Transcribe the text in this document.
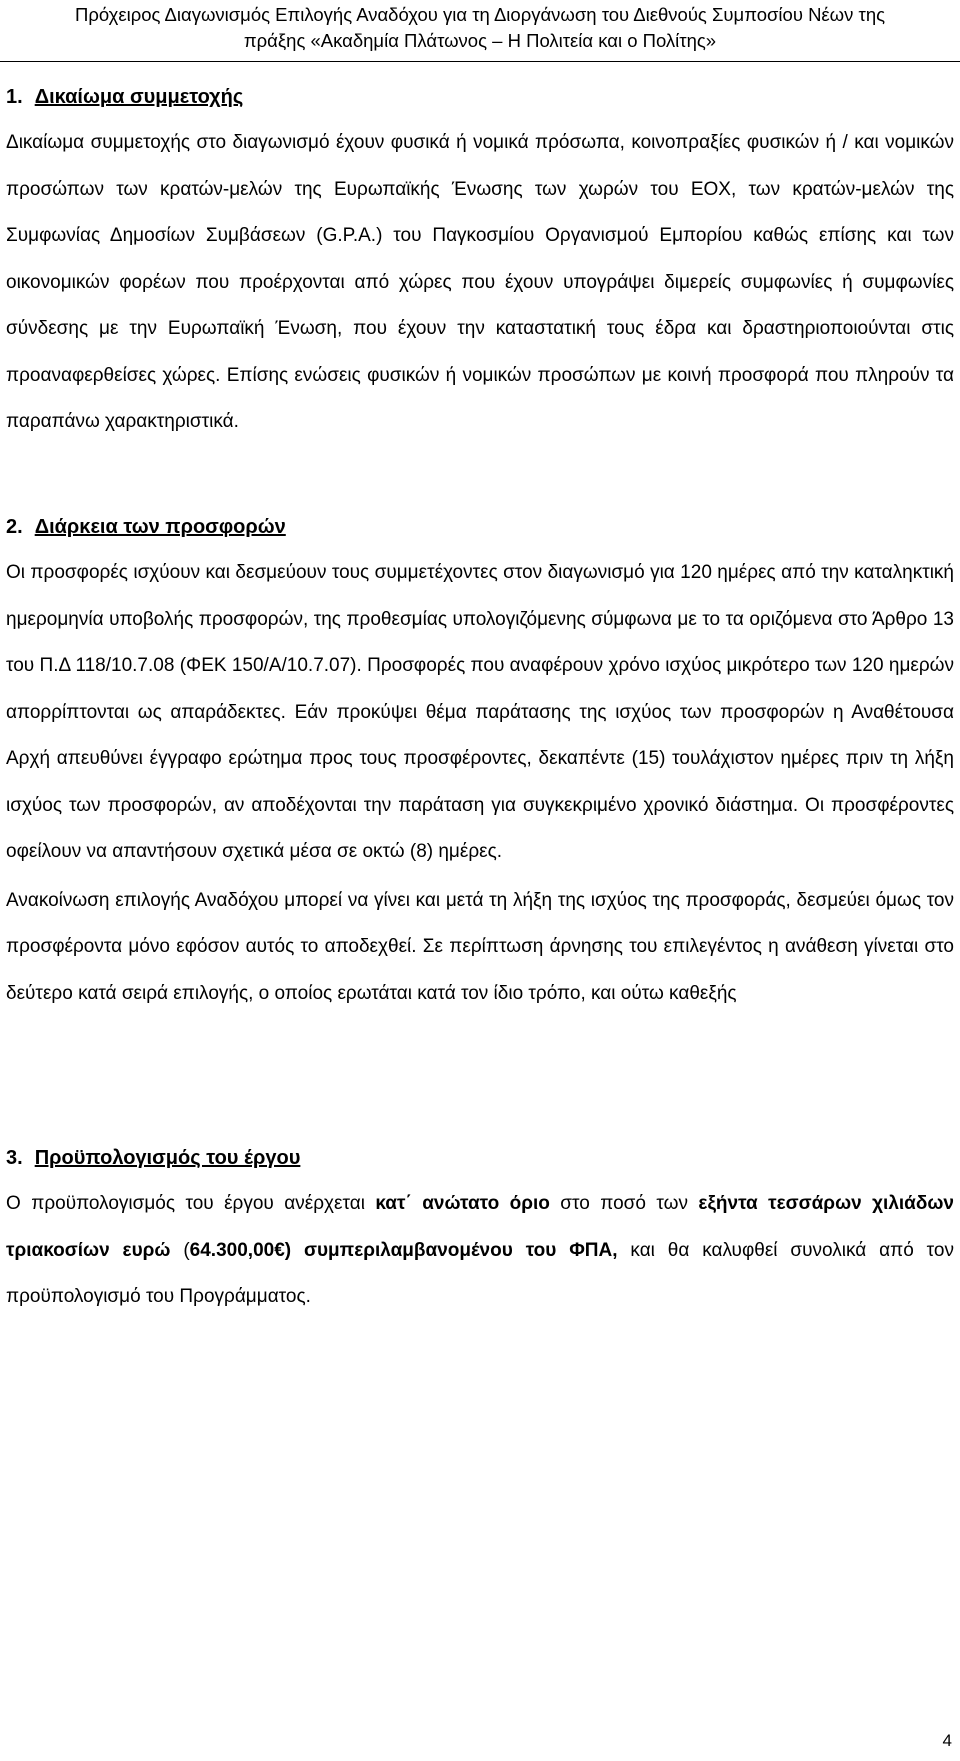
Πρόχειρος Διαγωνισμός Επιλογής Αναδόχου για τη Διοργάνωση του Διεθνούς Συμποσίου Νέων της
πράξης «Ακαδημία Πλάτωνος – Η Πολιτεία και ο Πολίτης»
1. Δικαίωμα συμμετοχής

Δικαίωμα συμμετοχής στο διαγωνισμό έχουν φυσικά ή νομικά πρόσωπα, κοινοπραξίες φυσικών ή / και νομικών προσώπων των κρατών-μελών της Ευρωπαϊκής Ένωσης των χωρών του ΕΟΧ, των κρατών-μελών της Συμφωνίας Δημοσίων Συμβάσεων (G.P.A.) του Παγκοσμίου Οργανισμού Εμπορίου καθώς επίσης και των οικονομικών φορέων που προέρχονται από χώρες που έχουν υπογράψει διμερείς συμφωνίες ή συμφωνίες σύνδεσης με την Ευρωπαϊκή Ένωση, που έχουν την καταστατική τους έδρα και δραστηριοποιούνται στις προαναφερθείσες χώρες. Επίσης ενώσεις φυσικών ή νομικών προσώπων με κοινή προσφορά που πληρούν τα παραπάνω χαρακτηριστικά.

2. Διάρκεια των προσφορών

Οι προσφορές ισχύουν και δεσμεύουν τους συμμετέχοντες στον διαγωνισμό για 120 ημέρες από την καταληκτική ημερομηνία υποβολής προσφορών, της προθεσμίας υπολογιζόμενης σύμφωνα με το τα οριζόμενα στο Άρθρο 13 του Π.Δ 118/10.7.08 (ΦΕΚ 150/Α/10.7.07). Προσφορές που αναφέρουν χρόνο ισχύος μικρότερο των 120 ημερών απορρίπτονται ως απαράδεκτες. Εάν προκύψει θέμα παράτασης της ισχύος των προσφορών η Αναθέτουσα Αρχή απευθύνει έγγραφο ερώτημα προς τους προσφέροντες, δεκαπέντε (15) τουλάχιστον ημέρες πριν τη λήξη ισχύος των προσφορών, αν αποδέχονται την παράταση για συγκεκριμένο χρονικό διάστημα. Οι προσφέροντες οφείλουν να απαντήσουν σχετικά μέσα σε οκτώ (8) ημέρες.

Ανακοίνωση επιλογής Αναδόχου μπορεί να γίνει και μετά τη λήξη της ισχύος της προσφοράς, δεσμεύει όμως τον προσφέροντα μόνο εφόσον αυτός το αποδεχθεί. Σε περίπτωση άρνησης του επιλεγέντος η ανάθεση γίνεται στο δεύτερο κατά σειρά επιλογής, ο οποίος ερωτάται κατά τον ίδιο τρόπο, και ούτω καθεξής

3. Προϋπολογισμός του έργου

Ο προϋπολογισμός του έργου ανέρχεται κατ΄ ανώτατο όριο στο ποσό των εξήντα τεσσάρων χιλιάδων τριακοσίων ευρώ (64.300,00€) συμπεριλαμβανομένου του ΦΠΑ, και θα καλυφθεί συνολικά από τον προϋπολογισμό του Προγράμματος.

4
